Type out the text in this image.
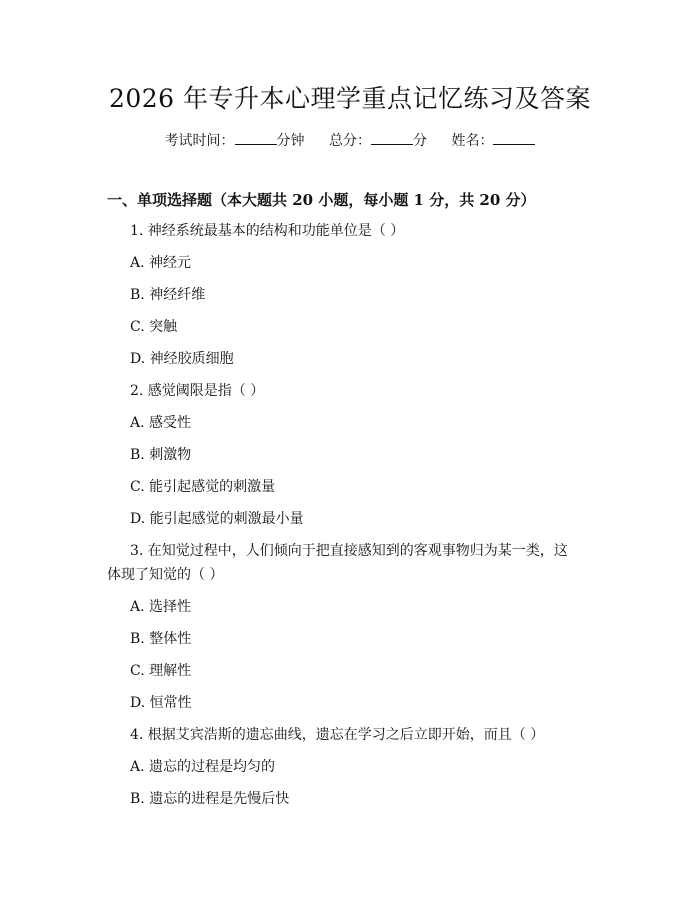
2026 年专升本心理学重点记忆练习及答案
考试时间：	分钟 总分：	分 姓名：
一、单项选择题（本大题共 20 小题，每小题 1 分，共 20 分）
1. 神经系统最基本的结构和功能单位是（ ）
A. 神经元
B. 神经纤维
C. 突触
D. 神经胶质细胞
2. 感觉阈限是指（ ）
A. 感受性
B. 刺激物
C. 能引起感觉的刺激量
D. 能引起感觉的刺激最小量
3. 在知觉过程中，人们倾向于把直接感知到的客观事物归为某一类，这体现了知觉的（ ）
A. 选择性
B. 整体性
C. 理解性
D. 恒常性
4. 根据艾宾浩斯的遗忘曲线，遗忘在学习之后立即开始，而且（ ）
A. 遗忘的过程是均匀的
B. 遗忘的进程是先慢后快
